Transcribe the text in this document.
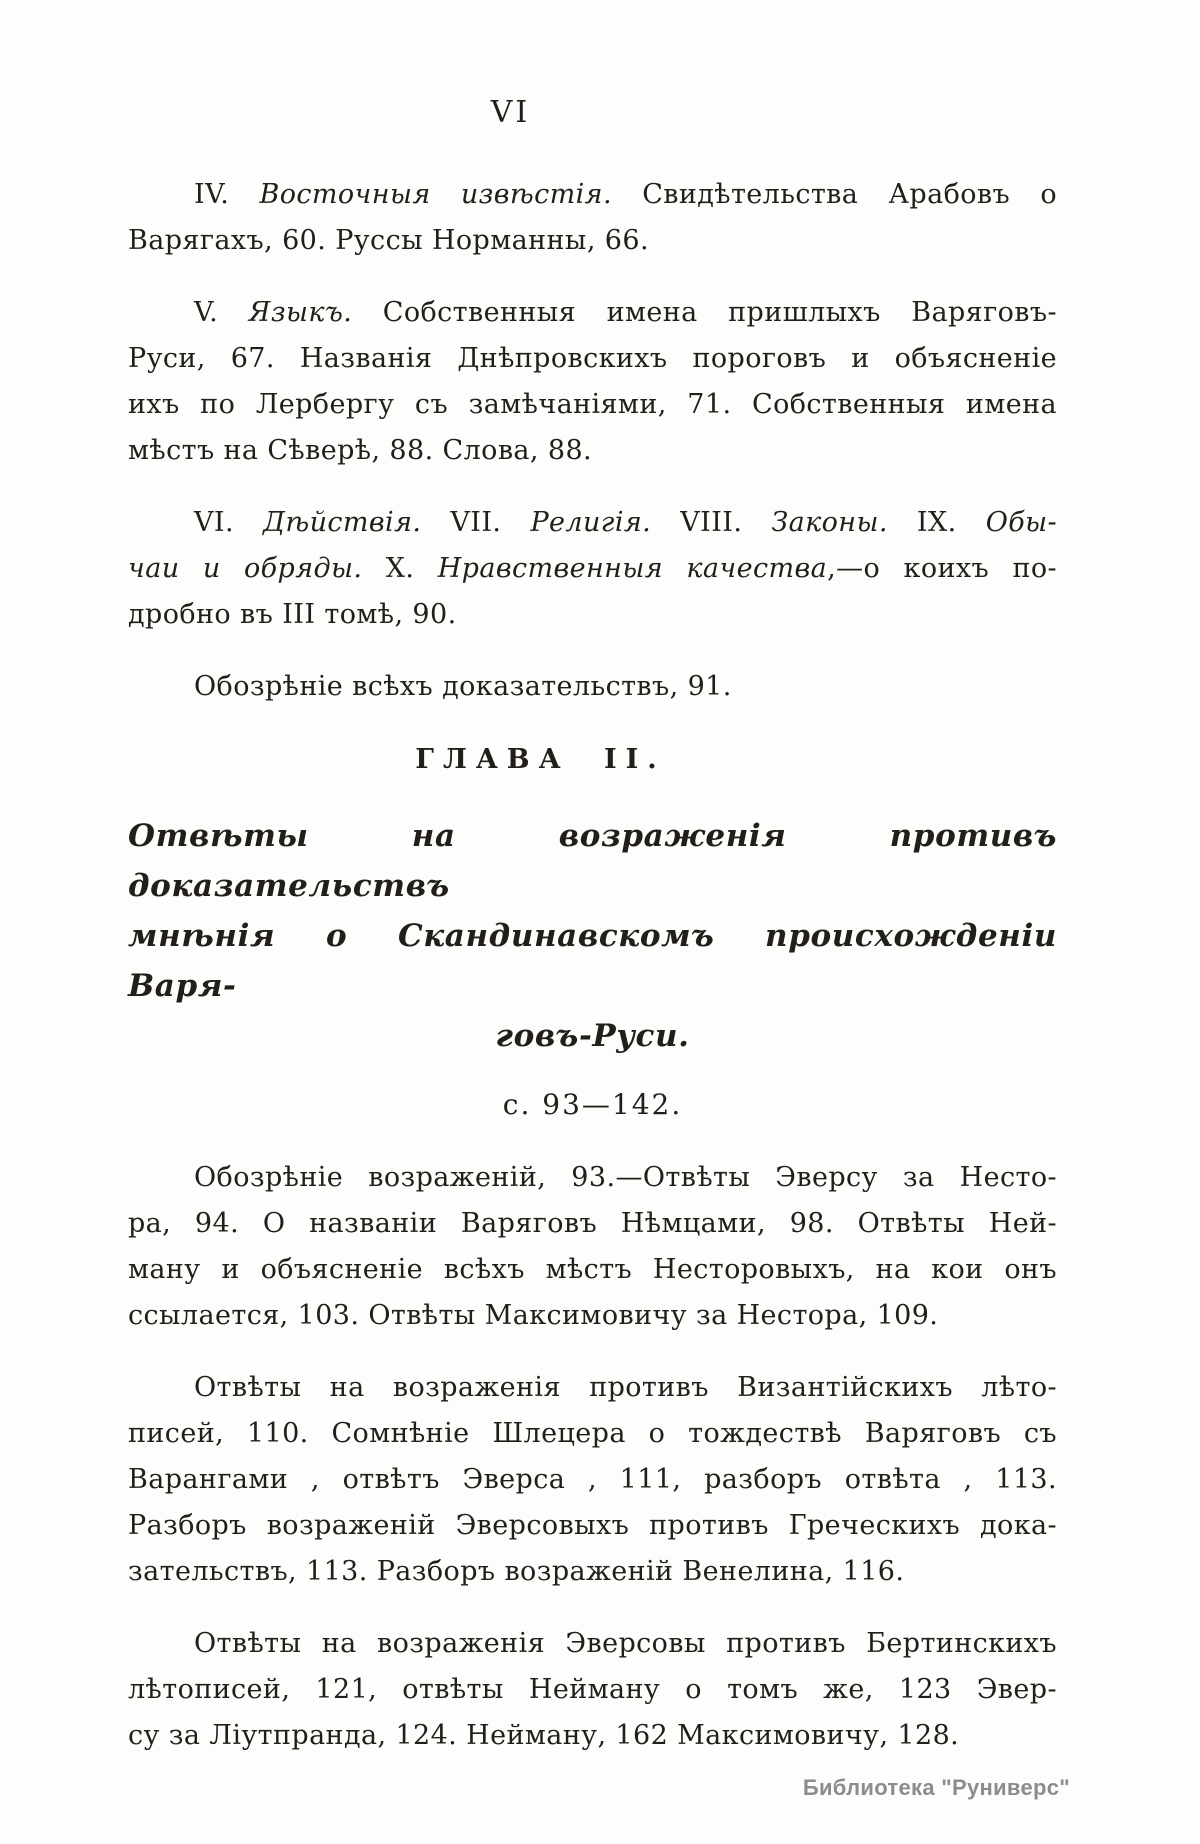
VI
IV. Восточныя извѣстія. Свидѣтельства Арабовъ о
Варягахъ, 60. Руссы Норманны, 66.
V. Языкъ. Собственныя имена пришлыхъ Варяговъ-
Руси, 67. Названія Днѣпровскихъ пороговъ и объясненіе
ихъ по Лербергу съ замѣчаніями, 71. Собственныя имена
мѣстъ на Сѣверѣ, 88. Слова, 88.
VI. Дѣйствія. VII. Религія. VIII. Законы. IX. Обы-
чаи и обряды. X. Нравственныя качества,—о коихъ по-
дробно въ III томѣ, 90.
Обозрѣніе всѣхъ доказательствъ, 91.
ГЛАВА II.
Отвѣты на возраженія противъ доказательствъ
мнѣнія о Скандинавскомъ происхожденіи Варя-
говъ-Руси.
с. 93—142.
Обозрѣніе возраженій, 93.—Отвѣты Эверсу за Несто-
ра, 94. О названіи Варяговъ Нѣмцами, 98. Отвѣты Ней-
ману и объясненіе всѣхъ мѣстъ Несторовыхъ, на кои онъ
ссылается, 103. Отвѣты Максимовичу за Нестора, 109.
Отвѣты на возраженія противъ Византійскихъ лѣто-
писей, 110. Сомнѣніе Шлецера о тождествѣ Варяговъ съ
Варангами , отвѣтъ Эверса , 111, разборъ отвѣта , 113.
Разборъ возраженій Эверсовыхъ противъ Греческихъ дока-
зательствъ, 113. Разборъ возраженій Венелина, 116.
Отвѣты на возраженія Эверсовы противъ Бертинскихъ
лѣтописей, 121, отвѣты Нейману о томъ же, 123 Эвер-
су за Ліутпранда, 124. Нейману, 162 Максимовичу, 128.
Библиотека "Руниверс"
